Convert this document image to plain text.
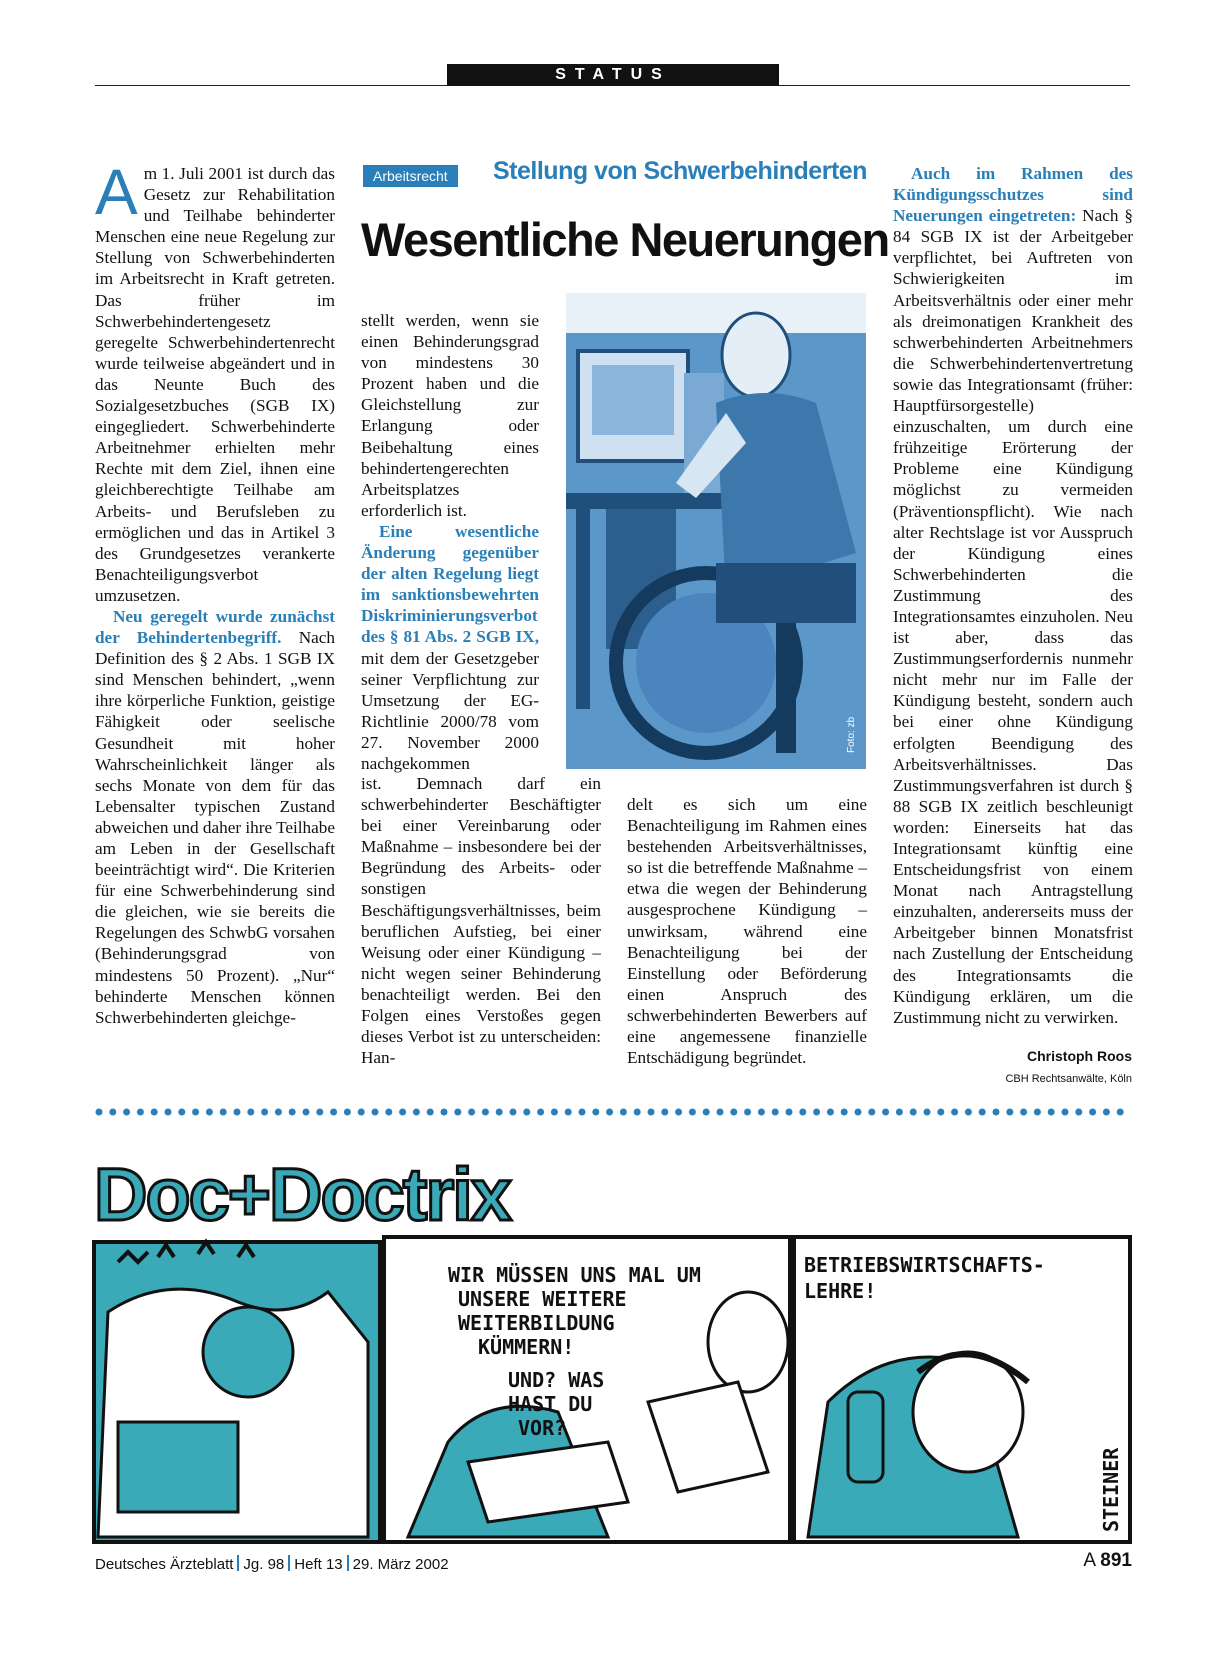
STATUS
Arbeitsrecht	Stellung von Schwerbehinderten
Wesentliche Neuerungen

Am 1. Juli 2001 ist durch das Gesetz zur Rehabilitation und Teilhabe behinderter Menschen eine neue Regelung zur Stellung von Schwerbehinderten im Arbeitsrecht in Kraft getreten. Das früher im Schwerbehindertengesetz geregelte Schwerbehindertenrecht wurde teilweise abgeändert und in das Neunte Buch des Sozialgesetzbuches (SGB IX) eingegliedert. Schwerbehinderte Arbeitnehmer erhielten mehr Rechte mit dem Ziel, ihnen eine gleichberechtigte Teilhabe am Arbeits- und Berufsleben zu ermöglichen und das in Artikel 3 des Grundgesetzes verankerte Benachteiligungsverbot umzusetzen.

Neu geregelt wurde zunächst der Behindertenbegriff. Nach Definition des § 2 Abs. 1 SGB IX sind Menschen behindert, „wenn ihre körperliche Funktion, geistige Fähigkeit oder seelische Gesundheit mit hoher Wahrscheinlichkeit länger als sechs Monate von dem für das Lebensalter typischen Zustand abweichen und daher ihre Teilhabe am Leben in der Gesellschaft beeinträchtigt wird“. Die Kriterien für eine Schwerbehinderung sind die gleichen, wie sie bereits die Regelungen des SchwbG vorsahen (Behinderungsgrad von mindestens 50 Prozent). „Nur“ behinderte Menschen können Schwerbehinderten gleichge-

stellt werden, wenn sie einen Behinderungsgrad von mindestens 30 Prozent haben und die Gleichstellung zur Erlangung oder Beibehaltung eines behindertengerechten Arbeitsplatzes erforderlich ist.

Eine wesentliche Änderung gegenüber der alten Regelung liegt im sanktionsbewehrten Diskriminierungsverbot des § 81 Abs. 2 SGB IX, mit dem der Gesetzgeber seiner Verpflichtung zur Umsetzung der EG-Richtlinie 2000/78 vom 27. November 2000 nachgekommen

ist. Demnach darf ein schwerbehinderter Beschäftigter bei einer Vereinbarung oder Maßnahme – insbesondere bei der Begründung des Arbeits- oder sonstigen Beschäftigungsverhältnisses, beim beruflichen Aufstieg, bei einer Weisung oder einer Kündigung – nicht wegen seiner Behinderung benachteiligt werden. Bei den Folgen eines Verstoßes gegen dieses Verbot ist zu unterscheiden: Han-

Foto: zb

delt es sich um eine Benachteiligung im Rahmen eines bestehenden Arbeitsverhältnisses, so ist die betreffende Maßnahme – etwa die wegen der Behinderung ausgesprochene Kündigung – unwirksam, während eine Benachteiligung bei der Einstellung oder Beförderung einen Anspruch des schwerbehinderten Bewerbers auf eine angemessene finanzielle Entschädigung begründet.

Auch im Rahmen des Kündigungsschutzes sind Neuerungen eingetreten: Nach § 84 SGB IX ist der Arbeitgeber verpflichtet, bei Auftreten von Schwierigkeiten im Arbeitsverhältnis oder einer mehr als dreimonatigen Krankheit des schwerbehinderten Arbeitnehmers die Schwerbehindertenvertretung sowie das Integrationsamt (früher: Hauptfürsorgestelle) einzuschalten, um durch eine frühzeitige Erörterung der Probleme eine Kündigung möglichst zu vermeiden (Präventionspflicht). Wie nach alter Rechtslage ist vor Ausspruch der Kündigung eines Schwerbehinderten die Zustimmung des Integrationsamtes einzuholen. Neu ist aber, dass das Zustimmungserfordernis nunmehr nicht mehr nur im Falle der Kündigung besteht, sondern auch bei einer ohne Kündigung erfolgten Beendigung des Arbeitsverhältnisses. Das Zustimmungsverfahren ist durch § 88 SGB IX zeitlich beschleunigt worden: Einerseits hat das Integrationsamt künftig eine Entscheidungsfrist von einem Monat nach Antragstellung einzuhalten, andererseits muss der Arbeitgeber binnen Monatsfrist nach Zustellung der Entscheidung des Integrationsamts die Kündigung erklären, um die Zustimmung nicht zu verwirken.

Christoph Roos
CBH Rechtsanwälte, Köln
Doc+Doctrix
WIR MÜSSEN UNS MAL UM
UNSERE WEITERE
WEITERBILDUNG
KÜMMERN!
UND? WAS
HAST DU
VOR?
BETRIEBSWIRTSCHAFTS-
LEHRE!
STEINER
Deutsches Ärzteblatt Jg. 98 Heft 13 29. März 2002	A 891
